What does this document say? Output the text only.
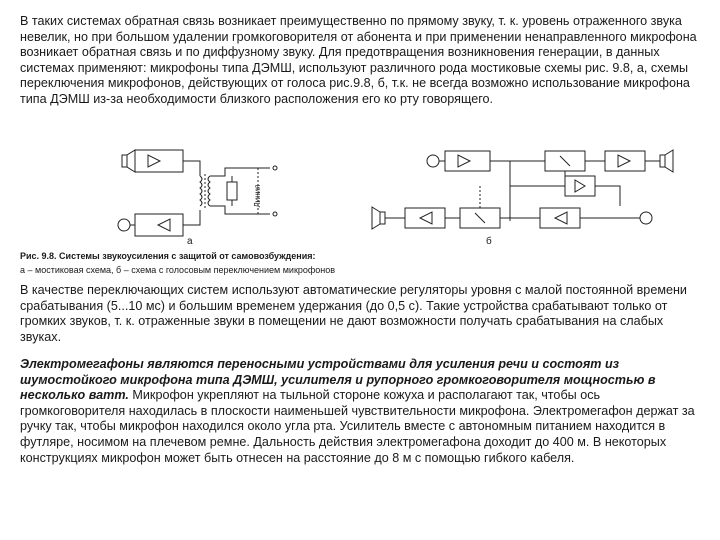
В таких системах обратная связь возникает преимущественно по прямому звуку, т. к. уровень отраженного звука невелик, но при большом удалении громкоговорителя от абонента и при применении ненаправленного микрофона возникает обратная связь и по диффузному звуку. Для предотвращения возникновения генерации, в данных системах применяют: микрофоны типа ДЭМШ, используют различного рода мостиковые схемы рис. 9.8, а, схемы переключения микрофонов, действующих от голоса рис.9.8, б, т.к. не всегда возможно использование микрофона типа ДЭМШ из-за необходимости близкого расположения его ко рту говорящего.

Линия
а	б
Рис. 9.8. Системы звукоусиления с защитой от самовозбуждения:
а – мостиковая схема, б – схема с голосовым переключением микрофонов

В качестве переключающих систем используют автоматические регуляторы уровня с малой постоянной времени срабатывания (5...10 мс) и большим временем удержания (до 0,5 с). Такие устройства срабатывают только от громких звуков, т. к. отраженные звуки в помещении не дают возможности получать срабатывания на слабых звуках.

Электромегафоны являются переносными устройствами для усиления речи и состоят из шумостойкого микрофона типа ДЭМШ, усилителя и рупорного громкоговорителя мощностью в несколько ватт. Микрофон укрепляют на тыльной стороне кожуха и располагают так, чтобы ось громкоговорителя находилась в плоскости наименьшей чувствительности микрофона. Электромегафон держат за ручку так, чтобы микрофон находился около угла рта. Усилитель вместе с автономным питанием находится в футляре, носимом на плечевом ремне. Дальность действия электромегафона доходит до 400 м. В некоторых конструкциях микрофон может быть отнесен на расстояние до 8 м с помощью гибкого кабеля.
